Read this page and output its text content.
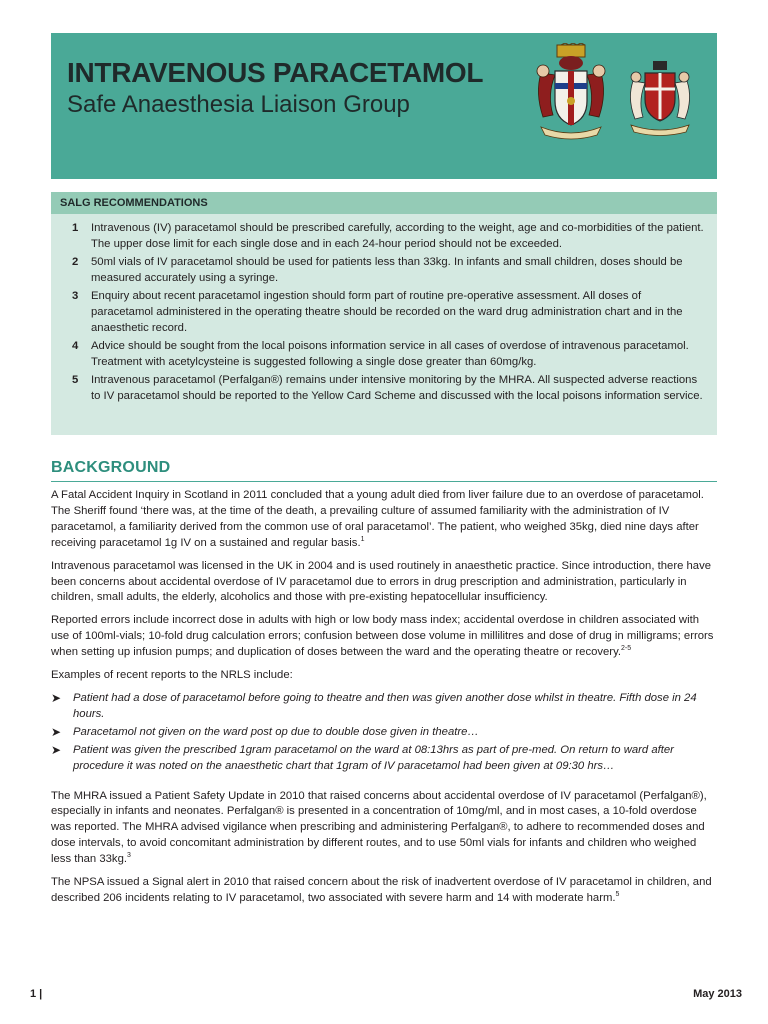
INTRAVENOUS PARACETAMOL
Safe Anaesthesia Liaison Group
SALG RECOMMENDATIONS
1 Intravenous (IV) paracetamol should be prescribed carefully, according to the weight, age and co-morbidities of the patient. The upper dose limit for each single dose and in each 24-hour period should not be exceeded.
2 50ml vials of IV paracetamol should be used for patients less than 33kg. In infants and small children, doses should be measured accurately using a syringe.
3 Enquiry about recent paracetamol ingestion should form part of routine pre-operative assessment. All doses of paracetamol administered in the operating theatre should be recorded on the ward drug administration chart and in the anaesthetic record.
4 Advice should be sought from the local poisons information service in all cases of overdose of intravenous paracetamol. Treatment with acetylcysteine is suggested following a single dose greater than 60mg/kg.
5 Intravenous paracetamol (Perfalgan®) remains under intensive monitoring by the MHRA. All suspected adverse reactions to IV paracetamol should be reported to the Yellow Card Scheme and discussed with the local poisons information service.
BACKGROUND

A Fatal Accident Inquiry in Scotland in 2011 concluded that a young adult died from liver failure due to an overdose of paracetamol. The Sheriff found ‘there was, at the time of the death, a prevailing culture of assumed familiarity with the administration of IV paracetamol, a familiarity derived from the common use of oral paracetamol’. The patient, who weighed 35kg, died nine days after receiving paracetamol 1g IV on a sustained and regular basis.$^1$

Intravenous paracetamol was licensed in the UK in 2004 and is used routinely in anaesthetic practice. Since introduction, there have been concerns about accidental overdose of IV paracetamol due to errors in drug prescription and administration, particularly in children, small adults, the elderly, alcoholics and those with pre-existing hepatocellular insufficiency.

Reported errors include incorrect dose in adults with high or low body mass index; accidental overdose in children associated with use of 100ml-vials; 10-fold drug calculation errors; confusion between dose volume in millilitres and dose of drug in milligrams; errors when setting up infusion pumps; and duplication of doses between the ward and the operating theatre or recovery.$^{2-5}$

Examples of recent reports to the NRLS include:

➤ Patient had a dose of paracetamol before going to theatre and then was given another dose whilst in theatre. Fifth dose in 24 hours.
➤ Paracetamol not given on the ward post op due to double dose given in theatre…
➤ Patient was given the prescribed 1gram paracetamol on the ward at 08:13hrs as part of pre-med. On return to ward after procedure it was noted on the anaesthetic chart that 1gram of IV paracetamol had been given at 09:30 hrs…

The MHRA issued a Patient Safety Update in 2010 that raised concerns about accidental overdose of IV paracetamol (Perfalgan®), especially in infants and neonates. Perfalgan® is presented in a concentration of 10mg/ml, and in most cases, a 10-fold overdose was reported. The MHRA advised vigilance when prescribing and administering Perfalgan®, to adhere to recommended doses and dose intervals, to avoid concomitant administration by different routes, and to use 50ml vials for infants and children who weighed less than 33kg.$^3$

The NPSA issued a Signal alert in 2010 that raised concern about the risk of inadvertent overdose of IV paracetamol in children, and described 206 incidents relating to IV paracetamol, two associated with severe harm and 14 with moderate harm.$^5$

1 |	May 2013
